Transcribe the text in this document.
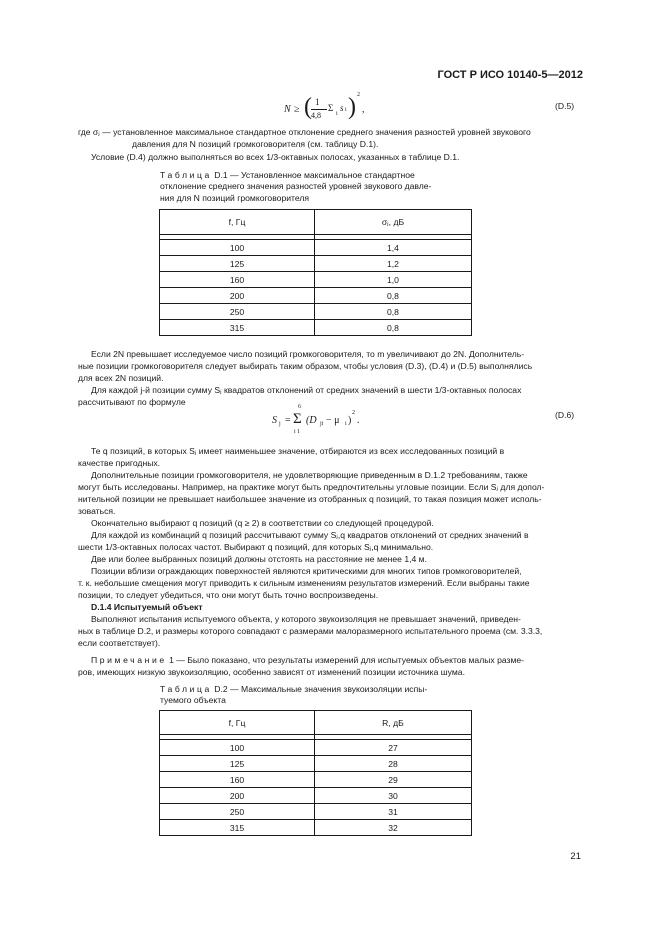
ГОСТ Р ИСО 10140-5—2012
N ≥ ( 1
4,8
Σ
i
s i ) 2
,	(D.5)
где σⱼ — установленное максимальное стандартное отклонение среднего значения разностей уровней звукового
давления для N позиций громкоговорителя (см. таблицу D.1).
Условие (D.4) должно выполняться во всех 1/3-октавных полосах, указанных в таблице D.1.
Таблица D.1 — Установленное максимальное стандартное
отклонение среднего значения разностей уровней звукового давле-
ния для N позиций громкоговорителя
f, Гц	σⱼ, дБ

100	1,4
125	1,2
160	1,0
200	0,8
250	0,8
315	0,8
Если 2N превышает исследуемое число позиций громкоговорителя, то m увеличивают до 2N. Дополнитель-
ные позиции громкоговорителя следует выбирать таким образом, чтобы условия (D.3), (D.4) и (D.5) выполнялись
для всех 2N позиций.
Для каждой j-й позиции сумму Sⱼ квадратов отклонений от средних значений в шести 1/3-октавных полосах
рассчитывают по формуле
S j =
6
Σ
i 1
(D ji − μ i )
2
.	(D.6)
Те q позиций, в которых Sⱼ имеет наименьшее значение, отбираются из всех исследованных позиций в
качестве пригодных.
Дополнительные позиции громкоговорителя, не удовлетворяющие приведенным в D.1.2 требованиям, также
могут быть исследованы. Например, на практике могут быть предпочтительны угловые позиции. Если Sⱼ для допол-
нительной позиции не превышает наибольшее значение из отобранных q позиций, то такая позиция может исполь-
зоваться.
Окончательно выбирают q позиций (q ≥ 2) в соответствии со следующей процедурой.
Для каждой из комбинаций q позиций рассчитывают сумму Sⱼ,q квадратов отклонений от средних значений в
шести 1/3-октавных полосах частот. Выбирают q позиций, для которых Sⱼ,q минимально.
Две или более выбранных позиций должны отстоять на расстояние не менее 1,4 м.
Позиции вблизи ограждающих поверхностей являются критическими для многих типов громкоговорителей,
т. к. небольшие смещения могут приводить к сильным изменениям результатов измерений. Если выбраны такие
позиции, то следует убедиться, что они могут быть точно воспроизведены.
D.1.4 Испытуемый объект
Выполняют испытания испытуемого объекта, у которого звукоизоляция не превышает значений, приведен-
ных в таблице D.2, и размеры которого совпадают с размерами малоразмерного испытательного проема (см. 3.3.3,
если соответствует).
Примечание 1 — Было показано, что результаты измерений для испытуемых объектов малых разме-
ров, имеющих низкую звукоизоляцию, особенно зависят от изменений позиции источника шума.
Таблица D.2 — Максимальные значения звукоизоляции испы-
туемого объекта
f, Гц	R, дБ

100	27
125	28
160	29
200	30
250	31
315	32
21
